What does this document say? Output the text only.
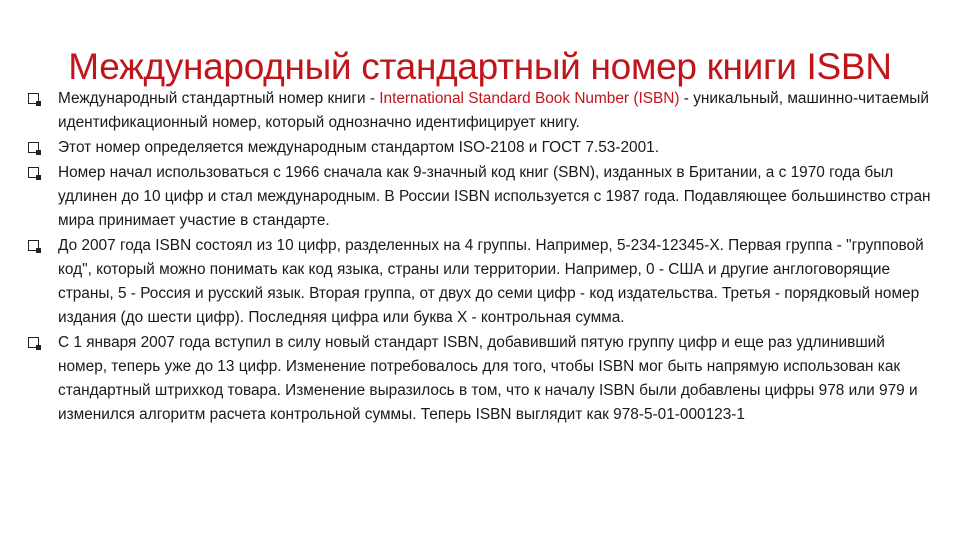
Международный стандартный номер книги ISBN
Международный стандартный номер книги - International Standard Book Number (ISBN) - уникальный, машинно-читаемый идентификационный номер, который однозначно идентифицирует книгу.
Этот номер определяется международным стандартом ISO-2108 и ГОСТ 7.53-2001.
Номер начал использоваться с 1966 сначала как 9-значный код книг (SBN), изданных в Британии, а с 1970 года был удлинен до 10 цифр и стал международным. В России ISBN используется с 1987 года. Подавляющее большинство стран мира принимает участие в стандарте.
До 2007 года ISBN состоял из 10 цифр, разделенных на 4 группы. Например, 5-234-12345-X. Первая группа - "групповой код", который можно понимать как код языка, страны или территории. Например, 0 - США и другие англоговорящие страны, 5 - Россия и русский язык. Вторая группа, от двух до семи цифр - код издательства. Третья - порядковый номер издания (до шести цифр). Последняя цифра или буква X - контрольная сумма.
С 1 января 2007 года вступил в силу новый стандарт ISBN, добавивший пятую группу цифр и еще раз удлинивший номер, теперь уже до 13 цифр. Изменение потребовалось для того, чтобы ISBN мог быть напрямую использован как стандартный штрихкод товара. Изменение выразилось в том, что к началу ISBN были добавлены цифры 978 или 979 и изменился алгоритм расчета контрольной суммы. Теперь ISBN выглядит как 978-5-01-000123-1
